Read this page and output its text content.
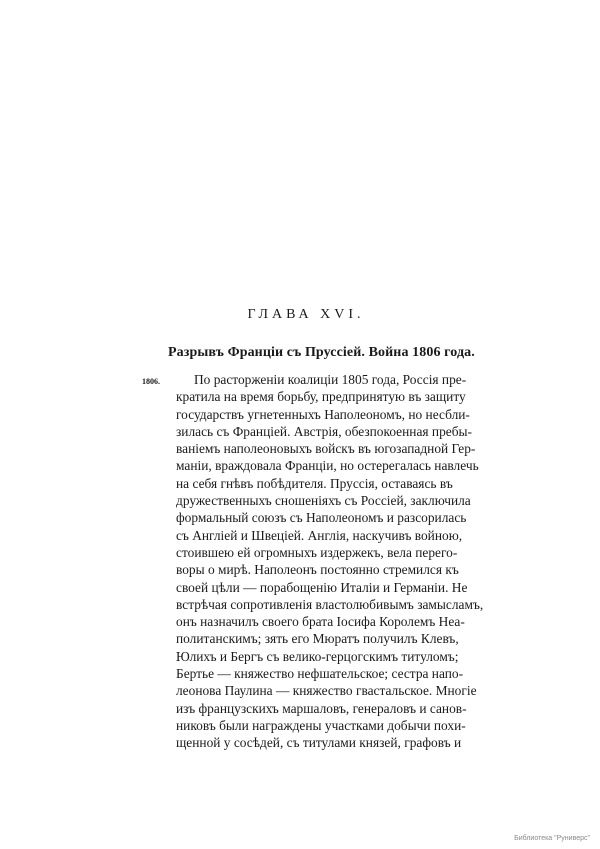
ГЛАВА XVI.
Разрывъ Франціи съ Пруссіей. Война 1806 года.
1806.	По расторженіи коалиціи 1805 года, Россія пре-
кратила на время борьбу, предпринятую въ защиту
государствъ угнетенныхъ Наполеономъ, но несбли-
зилась съ Франціей. Австрія, обезпокоенная пребы-
ваніемъ наполеоновыхъ войскъ въ югозападной Гер-
маніи, враждовала Франціи, но остерегалась навлечь
на себя гнѣвъ побѣдителя. Пруссія, оставаясь въ
дружественныхъ сношеніяхъ съ Россіей, заключила
формальный союзъ съ Наполеономъ и разсорилась
съ Англіей и Швеціей. Англія, наскучивъ войною,
стоившею ей огромныхъ издержекъ, вела перего-
воры о мирѣ. Наполеонъ постоянно стремился къ
своей цѣли — порабощенію Италіи и Германіи. Не
встрѣчая сопротивленія властолюбивымъ замысламъ,
онъ назначилъ своего брата Іосифа Королемъ Неа-
политанскимъ; зять его Мюратъ получилъ Клевъ,
Юлихъ и Бергъ съ велико-герцогскимъ титуломъ;
Бертье — княжество нефшательское; сестра напо-
леонова Паулина — княжество гвастальское. Многіе
изъ французскихъ маршаловъ, генераловъ и санов-
никовъ были награждены участками добычи похи-
щенной у сосѣдей, съ титулами князей, графовъ и
Библиотека "Руниверс"
